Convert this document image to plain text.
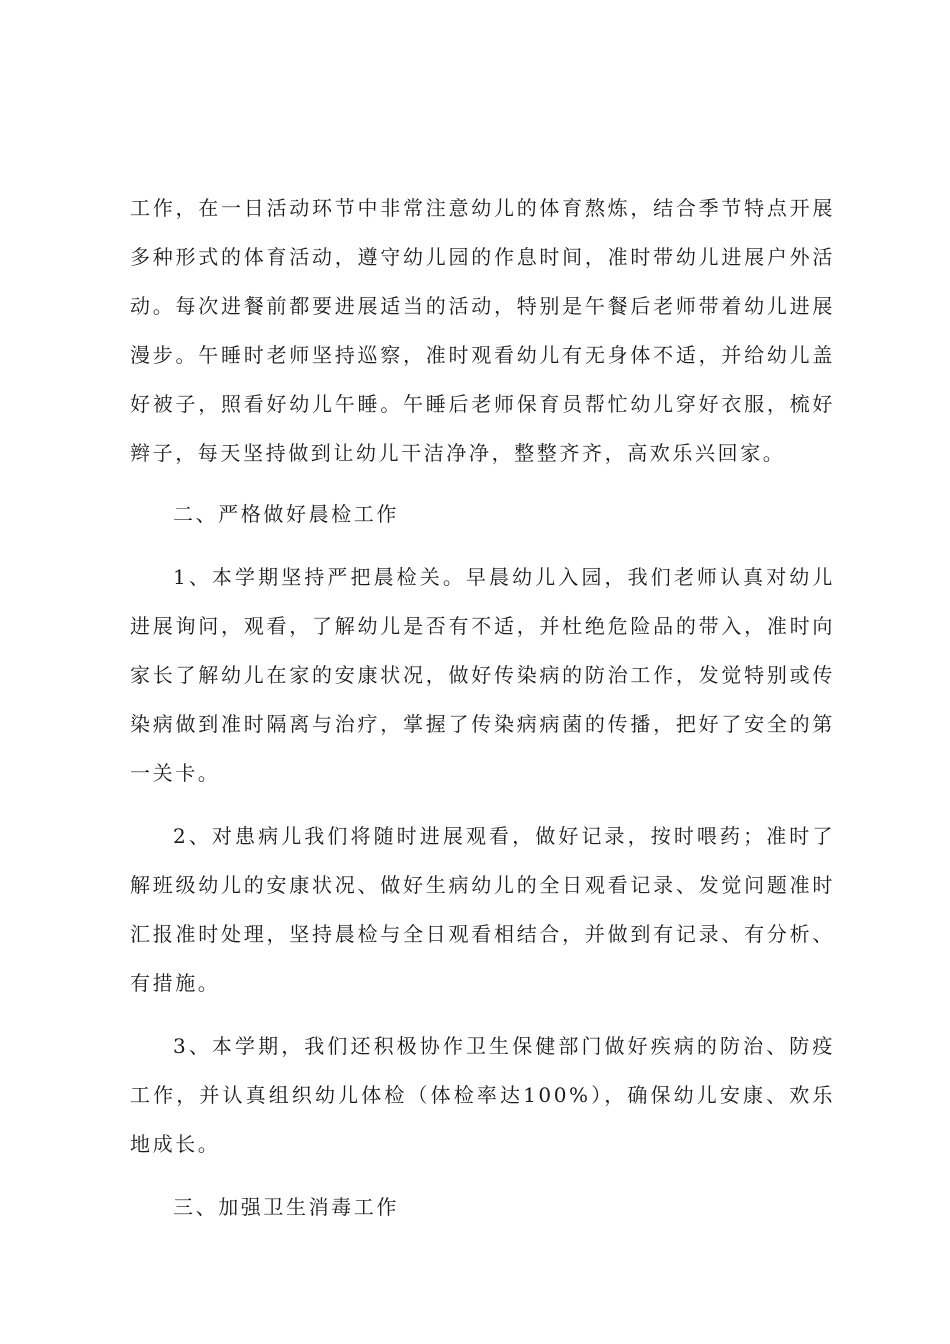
工作，在一日活动环节中非常注意幼儿的体育熬炼，结合季节特点开展多种形式的体育活动，遵守幼儿园的作息时间，准时带幼儿进展户外活动。每次进餐前都要进展适当的活动，特别是午餐后老师带着幼儿进展漫步。午睡时老师坚持巡察，准时观看幼儿有无身体不适，并给幼儿盖好被子，照看好幼儿午睡。午睡后老师保育员帮忙幼儿穿好衣服，梳好辫子，每天坚持做到让幼儿干洁净净，整整齐齐，高欢乐兴回家。

二、严格做好晨检工作

1、本学期坚持严把晨检关。早晨幼儿入园，我们老师认真对幼儿进展询问，观看，了解幼儿是否有不适，并杜绝危险品的带入，准时向家长了解幼儿在家的安康状况，做好传染病的防治工作，发觉特别或传染病做到准时隔离与治疗，掌握了传染病病菌的传播，把好了安全的第一关卡。

2、对患病儿我们将随时进展观看，做好记录，按时喂药；准时了解班级幼儿的安康状况、做好生病幼儿的全日观看记录、发觉问题准时汇报准时处理，坚持晨检与全日观看相结合，并做到有记录、有分析、有措施。

3、本学期，我们还积极协作卫生保健部门做好疾病的防治、防疫工作，并认真组织幼儿体检（体检率达100%），确保幼儿安康、欢乐地成长。

三、加强卫生消毒工作
